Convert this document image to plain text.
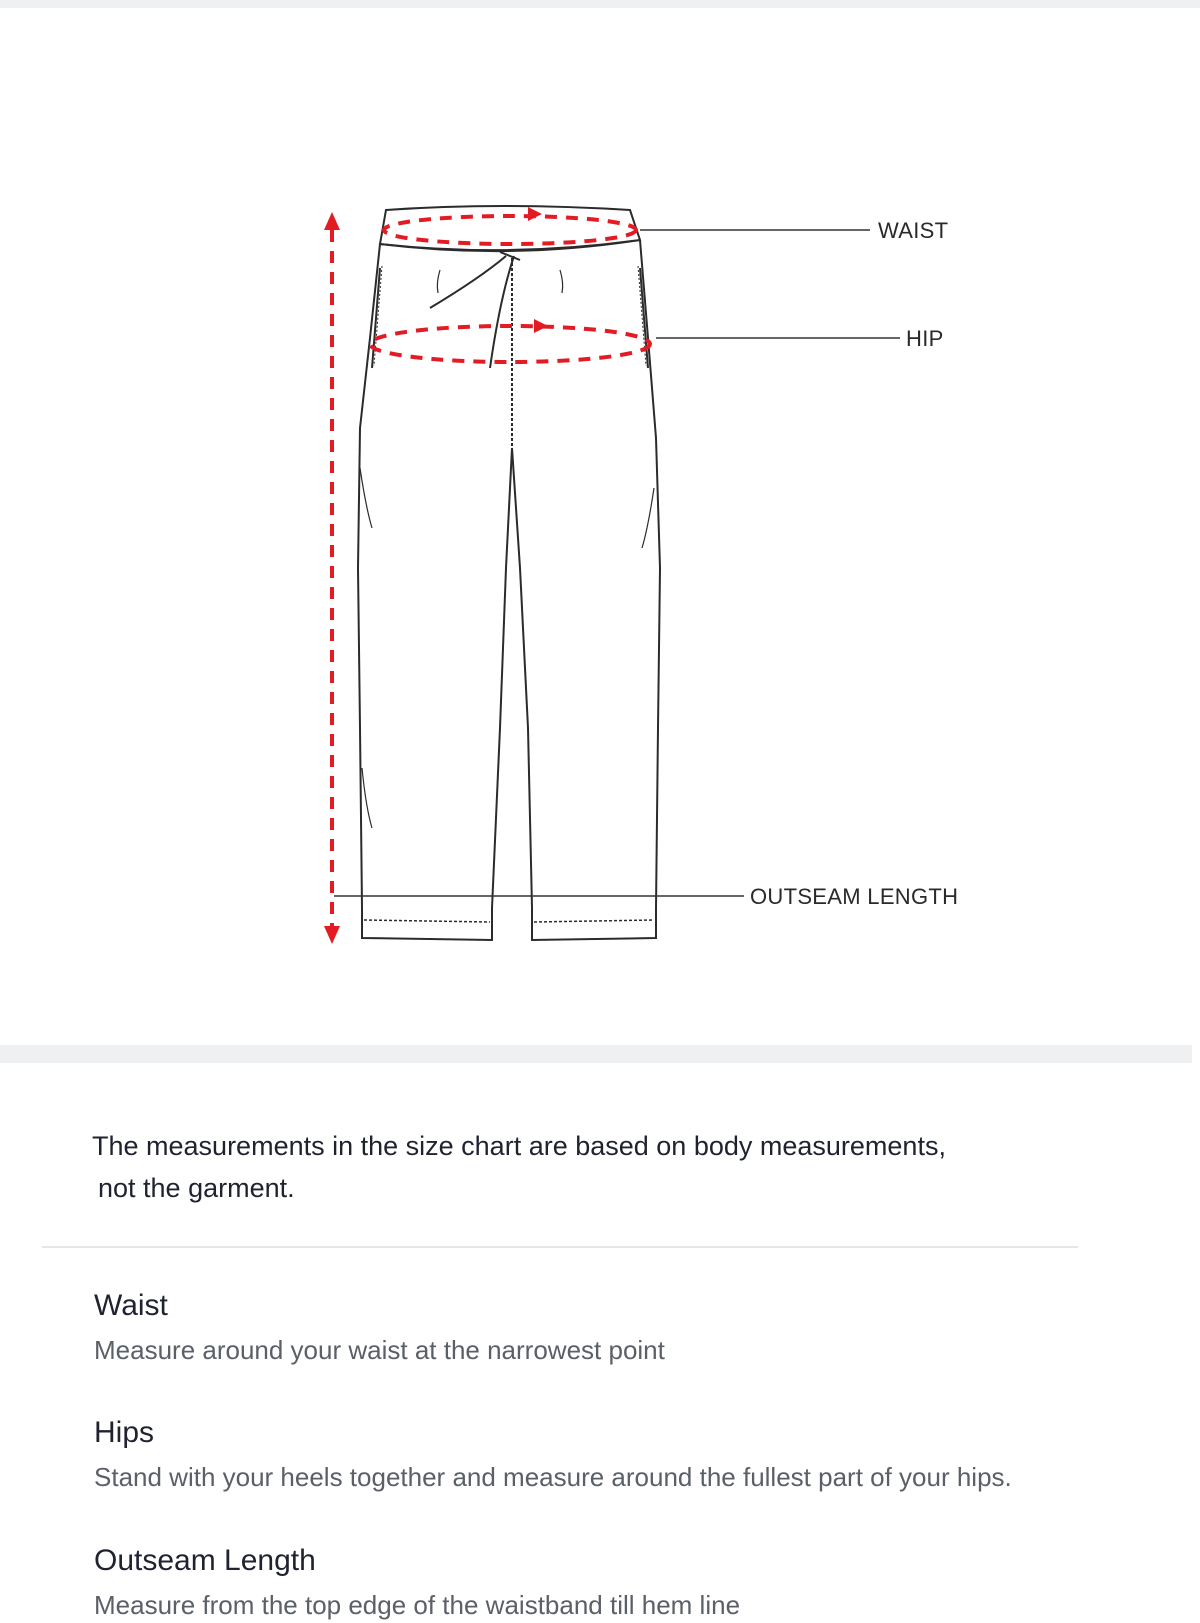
WAIST
HIP
OUTSEAM LENGTH
The measurements in the size chart are based on body measurements,
not the garment.
Waist

Measure around your waist at the narrowest point

Hips

Stand with your heels together and measure around the fullest part of your hips.

Outseam Length

Measure from the top edge of the waistband till hem line
